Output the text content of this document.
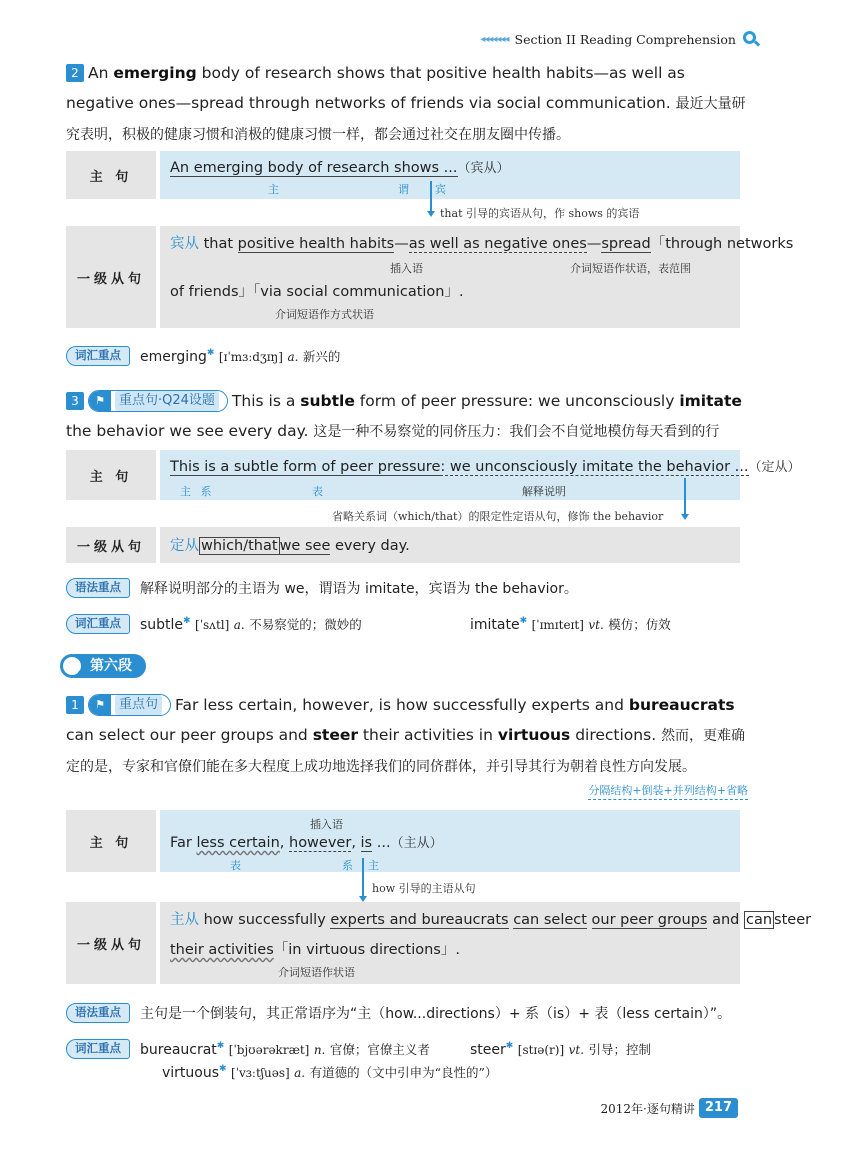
◂◂◂◂◂◂◂ Section II Reading Comprehension
2 An emerging body of research shows that positive health habits—as well as negative ones—spread through networks of friends via social communication. 最近大量研究表明，积极的健康习惯和消极的健康习惯一样，都会通过社交在朋友圈中传播。
主 句
An emerging body of research shows ...（宾从）
主	谓 宾
that 引导的宾语从句，作 shows 的宾语
一级从句
宾从 that positive health habits—as well as negative ones—spread「through networks
插入语	介词短语作状语，表范围
of friends」「via social communication」.
介词短语作方式状语
词汇重点	emerging✱ [ɪˈmɜːdʒɪŋ] a. 新兴的
3	⚑	重点句·Q24设题 This is a subtle form of peer pressure: we unconsciously imitate the behavior we see every day. 这是一种不易察觉的同侪压力：我们会不自觉地模仿每天看到的行
主 句
This is a subtle form of peer pressure: we unconsciously imitate the behavior ...（定从）
主 系	表	解释说明
省略关系词（which/that）的限定性定语从句，修饰 the behavior
一级从句	定从 which/that we see every day.
语法重点	解释说明部分的主语为 we，谓语为 imitate，宾语为 the behavior。
词汇重点	subtle✱ [ˈsʌtl] a. 不易察觉的；微妙的	imitate✱ [ˈɪmɪteɪt] vt. 模仿；仿效
第六段
1	⚑	重点句 Far less certain, however, is how successfully experts and bureaucrats can select our peer groups and steer their activities in virtuous directions. 然而，更难确定的是，专家和官僚们能在多大程度上成功地选择我们的同侪群体，并引导其行为朝着良性方向发展。
分隔结构+倒装+并列结构+省略
主 句
插入语
Far less certain, however, is ...（主从）
表	系 主
how 引导的主语从句
一级从句
主从 how successfully experts and bureaucrats can select our peer groups and can steer
their activities「in virtuous directions」.
介词短语作状语
语法重点	主句是一个倒装句，其正常语序为“主（how...directions）+ 系（is）+ 表（less certain）”。
词汇重点	bureaucrat✱ [ˈbjʊərəkræt] n. 官僚；官僚主义者	steer✱ [stɪə(r)] vt. 引导；控制
virtuous✱ [ˈvɜːtʃuəs] a. 有道德的（文中引申为“良性的”）
2012年·逐句精讲 217
